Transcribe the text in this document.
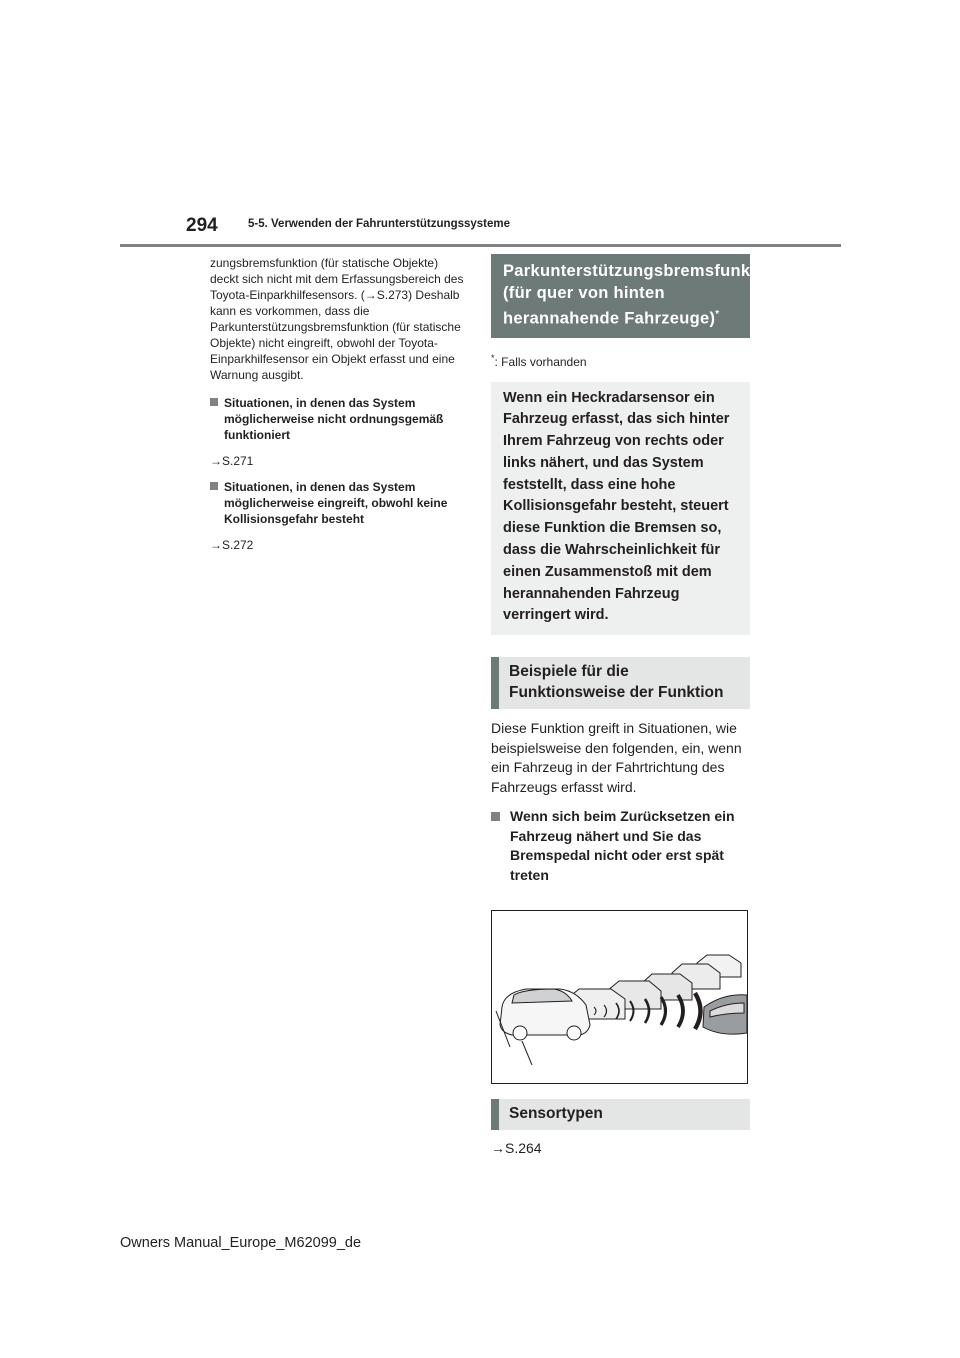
294	5-5. Verwenden der Fahrunterstützungssysteme

zungsbremsfunktion (für statische Objekte) deckt sich nicht mit dem Erfassungsbereich des Toyota-Einparkhilfesensors. (→S.273) Deshalb kann es vorkommen, dass die Parkunterstützungsbremsfunktion (für statische Objekte) nicht eingreift, obwohl der Toyota-Einparkhilfesensor ein Objekt erfasst und eine Warnung ausgibt.

Situationen, in denen das System möglicherweise nicht ordnungsgemäß funktioniert

→S.271

Situationen, in denen das System möglicherweise eingreift, obwohl keine Kollisionsgefahr besteht

→S.272

Parkunterstützungsbremsfunktion (für quer von hinten herannahende Fahrzeuge)*

*: Falls vorhanden

Wenn ein Heckradarsensor ein Fahrzeug erfasst, das sich hinter Ihrem Fahrzeug von rechts oder links nähert, und das System feststellt, dass eine hohe Kollisionsgefahr besteht, steuert diese Funktion die Bremsen so, dass die Wahrscheinlichkeit für einen Zusammenstoß mit dem herannahenden Fahrzeug verringert wird.
Beispiele für die Funktionsweise der Funktion

Diese Funktion greift in Situationen, wie beispielsweise den folgenden, ein, wenn ein Fahrzeug in der Fahrtrichtung des Fahrzeugs erfasst wird.

Wenn sich beim Zurücksetzen ein Fahrzeug nähert und Sie das Bremspedal nicht oder erst spät treten
Sensortypen

→S.264

Owners Manual_Europe_M62099_de
